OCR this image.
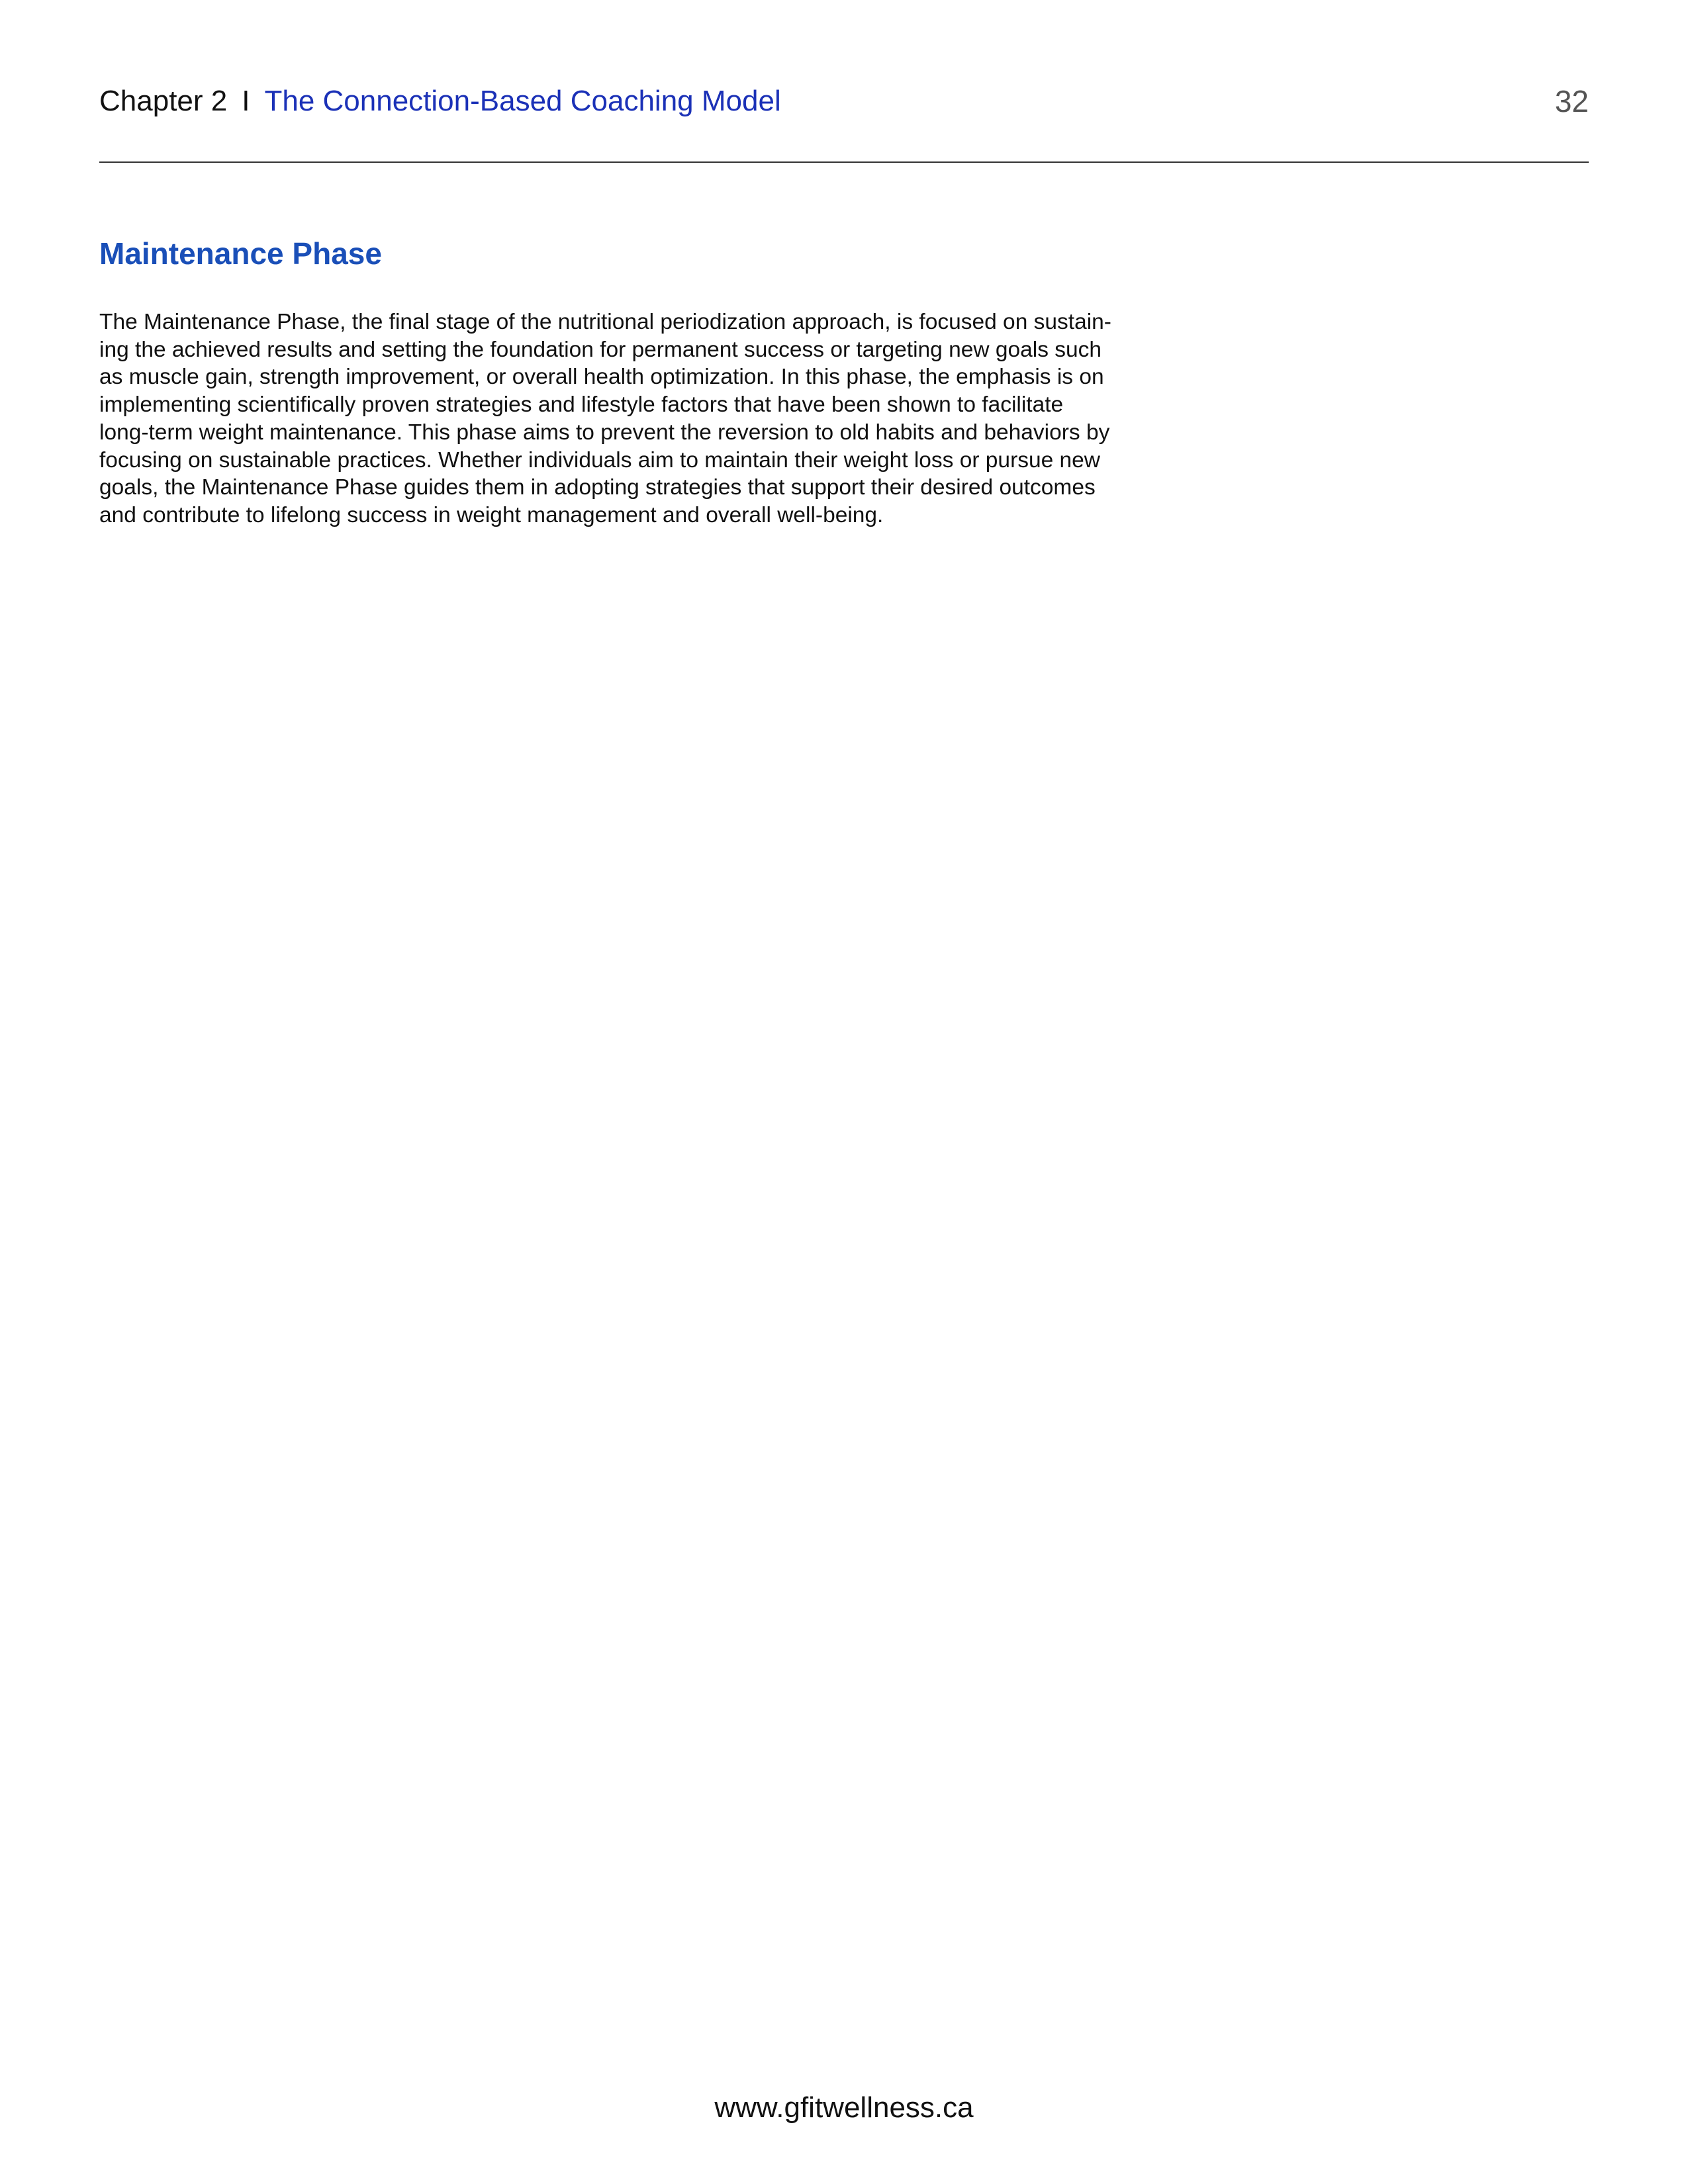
Chapter 2 I The Connection-Based Coaching Model	32
Maintenance Phase

The Maintenance Phase, the final stage of the nutritional periodization approach, is focused on sustain-
ing the achieved results and setting the foundation for permanent success or targeting new goals such
as muscle gain, strength improvement, or overall health optimization. In this phase, the emphasis is on
implementing scientifically proven strategies and lifestyle factors that have been shown to facilitate
long-term weight maintenance. This phase aims to prevent the reversion to old habits and behaviors by
focusing on sustainable practices. Whether individuals aim to maintain their weight loss or pursue new
goals, the Maintenance Phase guides them in adopting strategies that support their desired outcomes
and contribute to lifelong success in weight management and overall well-being.

www.gfitwellness.ca
